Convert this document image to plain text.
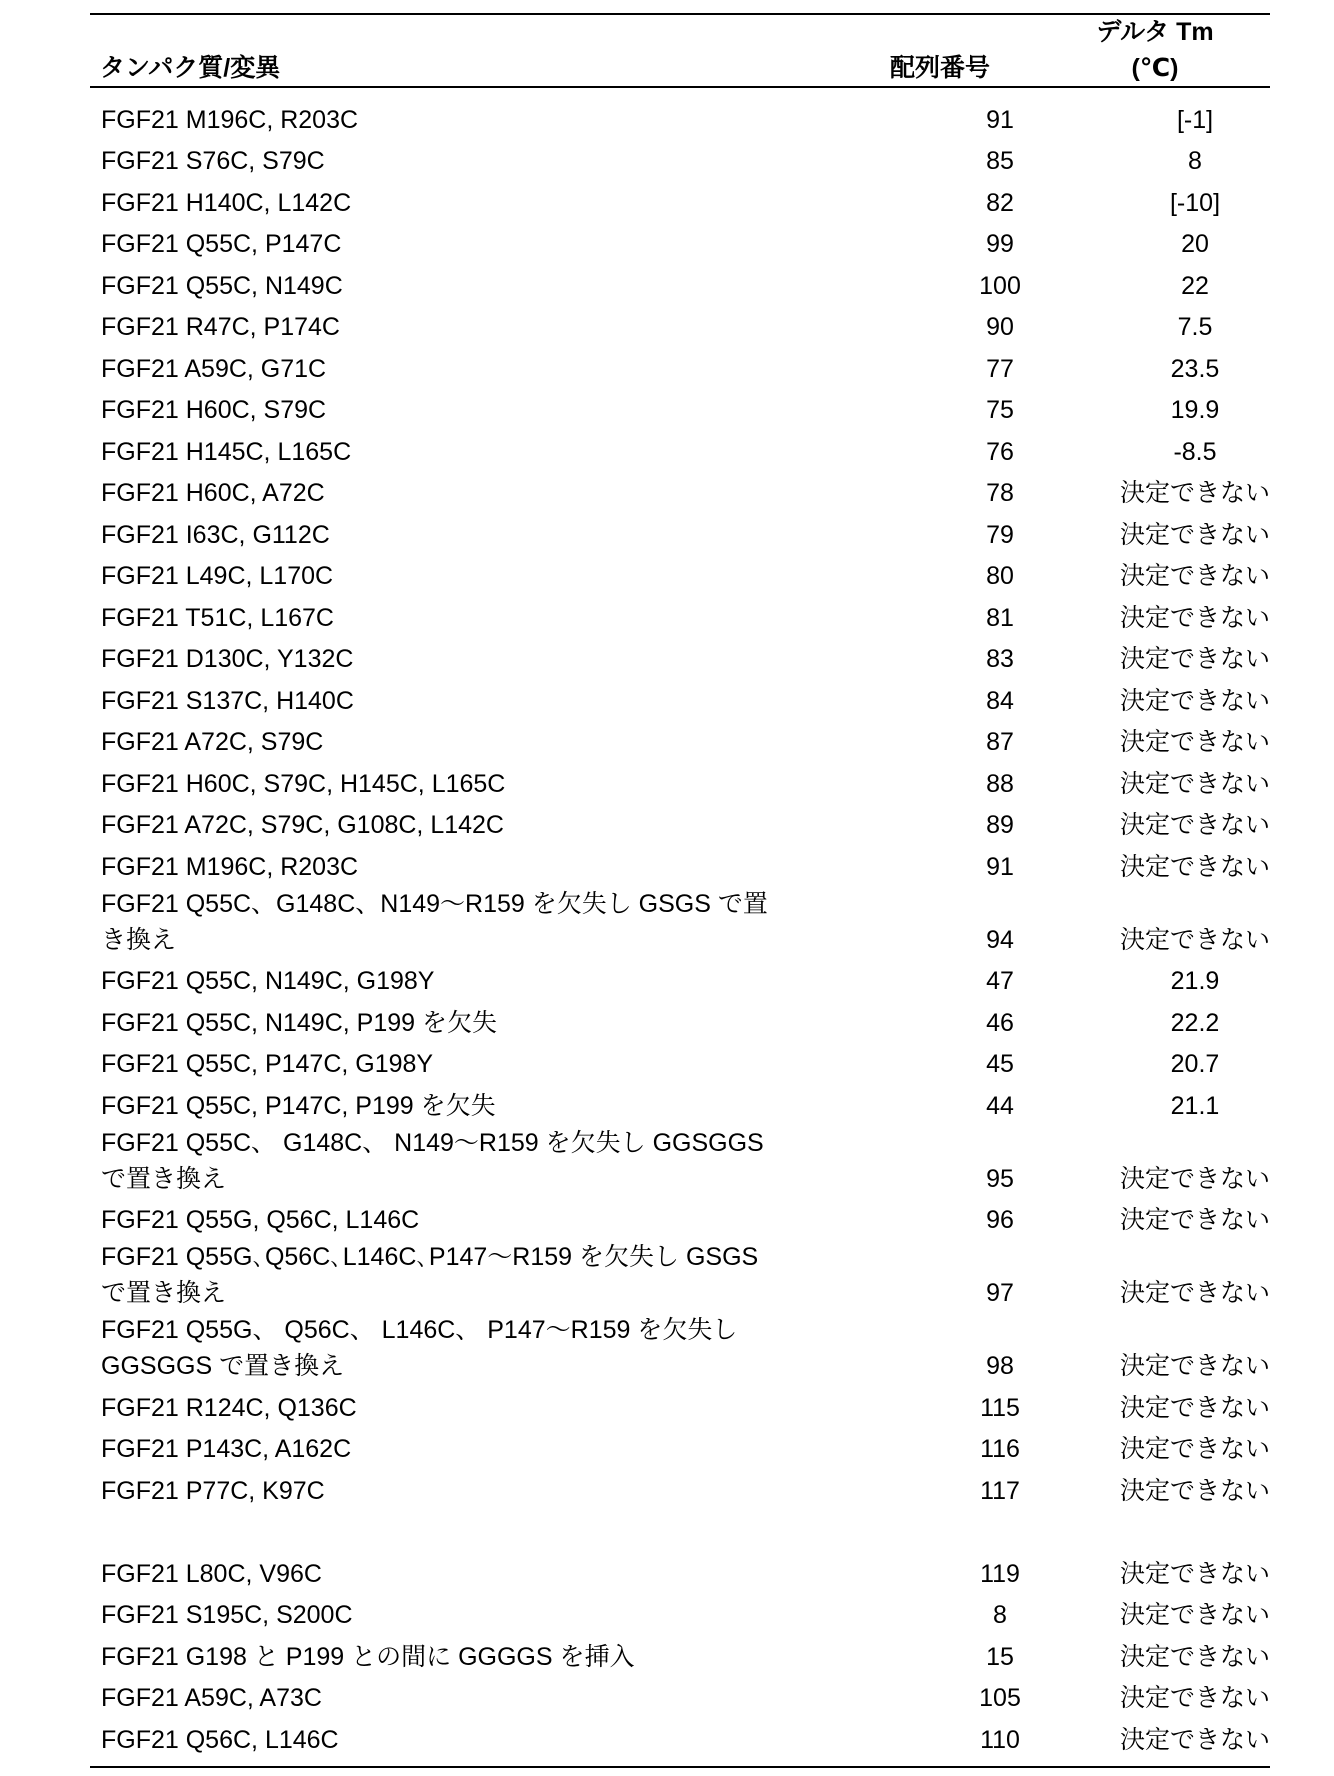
タンパク質/変異	配列番号
デルタ Tm
(℃)
FGF21 M196C, R203C	91	[-1]
FGF21 S76C, S79C	85	8
FGF21 H140C, L142C	82	[-10]
FGF21 Q55C, P147C	99	20
FGF21 Q55C, N149C	100	22
FGF21 R47C, P174C	90	7.5
FGF21 A59C, G71C	77	23.5
FGF21 H60C, S79C	75	19.9
FGF21 H145C, L165C	76	-8.5
FGF21 H60C, A72C	78	決定できない
FGF21 I63C, G112C	79	決定できない
FGF21 L49C, L170C	80	決定できない
FGF21 T51C, L167C	81	決定できない
FGF21 D130C, Y132C	83	決定できない
FGF21 S137C, H140C	84	決定できない
FGF21 A72C, S79C	87	決定できない
FGF21 H60C, S79C, H145C, L165C	88	決定できない
FGF21 A72C, S79C, G108C, L142C	89	決定できない
FGF21 M196C, R203C	91	決定できない
FGF21 Q55C、G148C、N149～R159 を欠失し GSGS で置
き換え	94	決定できない
FGF21 Q55C, N149C, G198Y	47	21.9
FGF21 Q55C, N149C, P199 を欠失	46	22.2
FGF21 Q55C, P147C, G198Y	45	20.7
FGF21 Q55C, P147C, P199 を欠失	44	21.1
FGF21 Q55C、 G148C、 N149～R159 を欠失し GGSGGS
で置き換え	95	決定できない
FGF21 Q55G, Q56C, L146C	96	決定できない
FGF21 Q55G､Q56C､L146C､P147～R159 を欠失し GSGS
で置き換え	97	決定できない
FGF21 Q55G、 Q56C、 L146C、 P147～R159 を欠失し
GGSGGS で置き換え	98	決定できない
FGF21 R124C, Q136C	115	決定できない
FGF21 P143C, A162C	116	決定できない
FGF21 P77C, K97C	117	決定できない
FGF21 L80C, V96C	119	決定できない
FGF21 S195C, S200C	8	決定できない
FGF21 G198 と P199 との間に GGGGS を挿入	15	決定できない
FGF21 A59C, A73C	105	決定できない
FGF21 Q56C, L146C	110	決定できない
